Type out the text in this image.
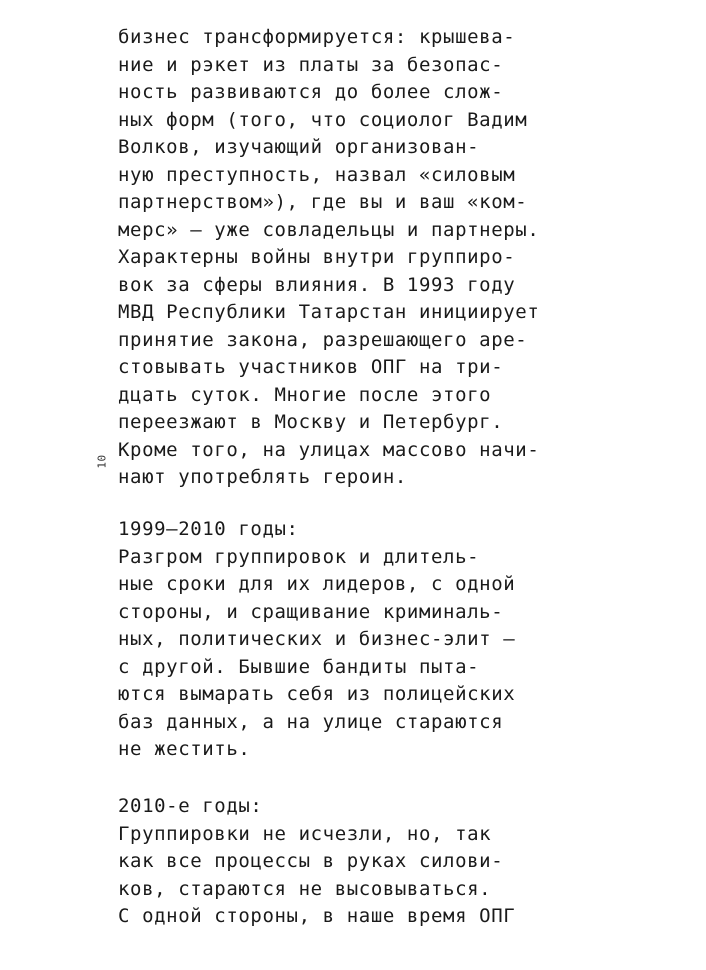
10
бизнес трансформируется: крышева-
ние и рэкет из платы за безопас-
ность развиваются до более слож-
ных форм (того, что социолог Вадим
Волков, изучающий организован-
ную преступность, назвал «силовым
партнерством»), где вы и ваш «ком-
мерс» — уже совладельцы и партнеры.
Характерны войны внутри группиро-
вок за сферы влияния. В 1993 году
МВД Республики Татарстан инициирует
принятие закона, разрешающего аре-
стовывать участников ОПГ на три-
дцать суток. Многие после этого
переезжают в Москву и Петербург.
Кроме того, на улицах массово начи-
нают употреблять героин.
1999–2010 годы:
Разгром группировок и длитель-
ные сроки для их лидеров, с одной
стороны, и сращивание криминаль-
ных, политических и бизнес-элит —
с другой. Бывшие бандиты пыта-
ются вымарать себя из полицейских
баз данных, а на улице стараются
не жестить.
2010-е годы:
Группировки не исчезли, но, так
как все процессы в руках силови-
ков, стараются не высовываться.
С одной стороны, в наше время ОПГ
